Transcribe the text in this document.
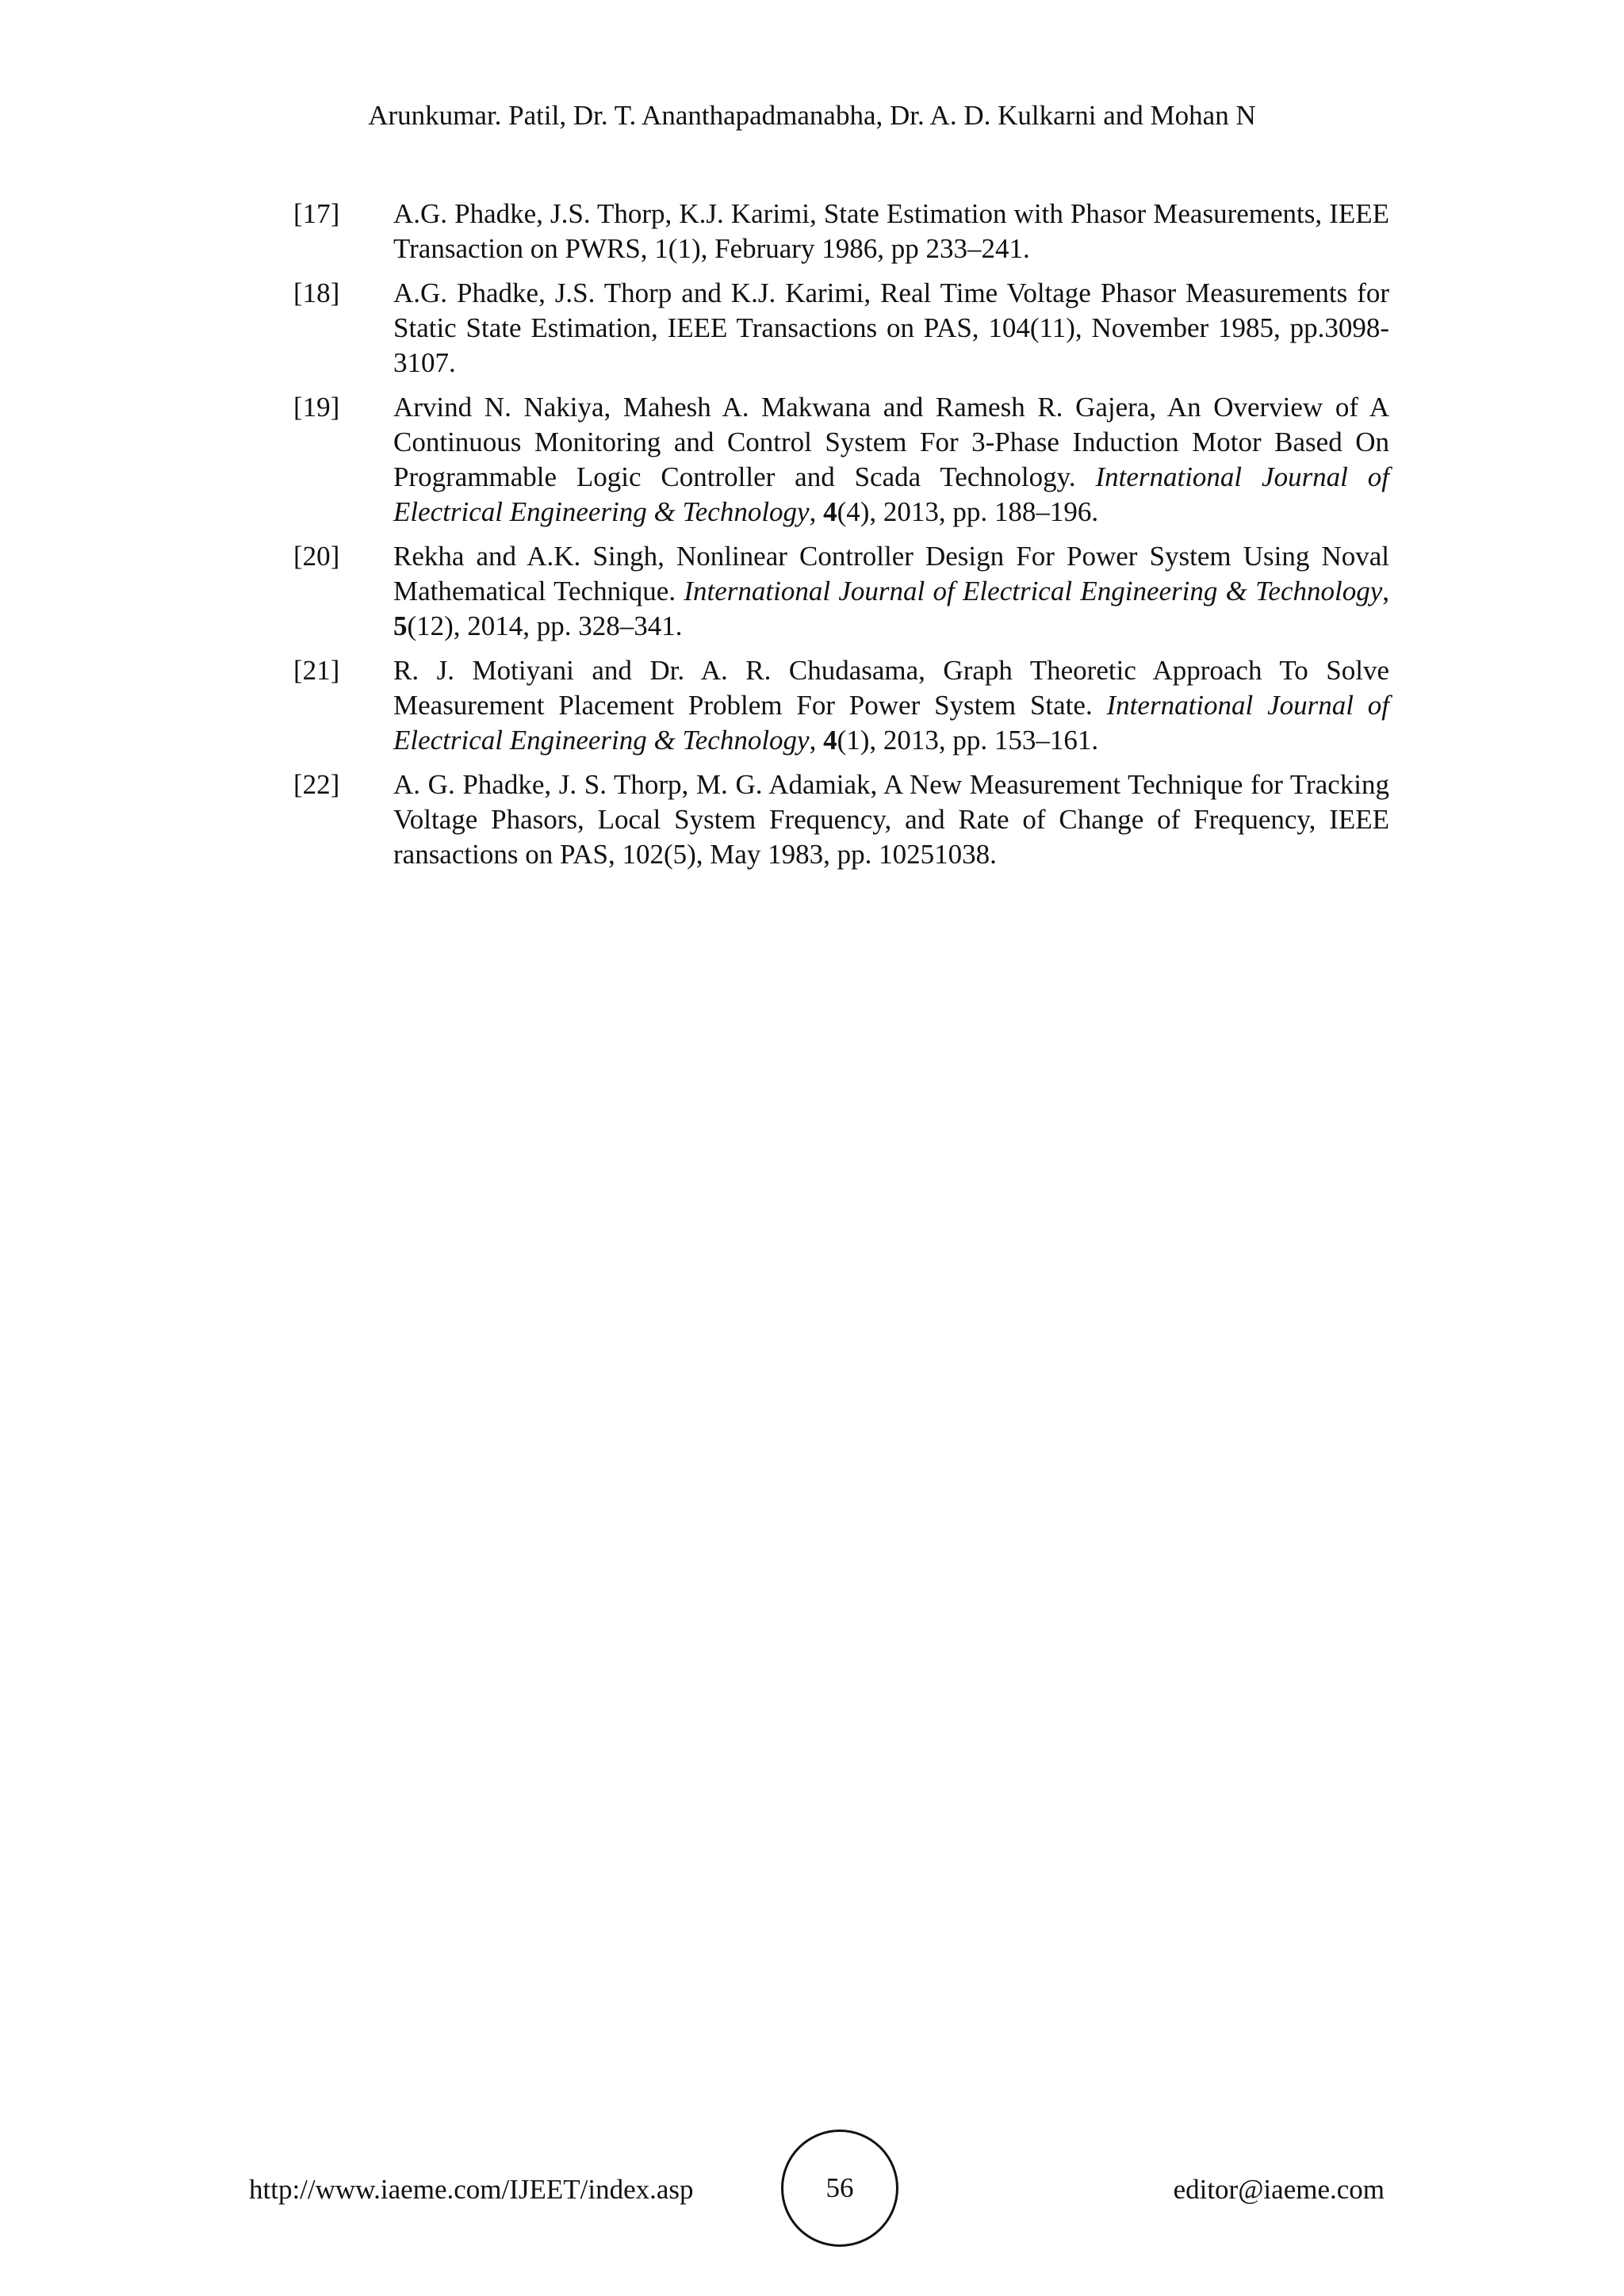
Arunkumar. Patil, Dr. T. Ananthapadmanabha, Dr. A. D. Kulkarni and Mohan N
[17]	A.G. Phadke, J.S. Thorp, K.J. Karimi, State Estimation with Phasor Measurements, IEEE Transaction on PWRS, 1(1), February 1986, pp 233–241.
[18]	A.G. Phadke, J.S. Thorp and K.J. Karimi, Real Time Voltage Phasor Measurements for Static State Estimation, IEEE Transactions on PAS, 104(11), November 1985, pp.3098-3107.
[19]	Arvind N. Nakiya, Mahesh A. Makwana and Ramesh R. Gajera, An Overview of A Continuous Monitoring and Control System For 3-Phase Induction Motor Based On Programmable Logic Controller and Scada Technology. International Journal of Electrical Engineering & Technology, 4(4), 2013, pp. 188–196.
[20]	Rekha and A.K. Singh, Nonlinear Controller Design For Power System Using Noval Mathematical Technique. International Journal of Electrical Engineering & Technology, 5(12), 2014, pp. 328–341.
[21]	R. J. Motiyani and Dr. A. R. Chudasama, Graph Theoretic Approach To Solve Measurement Placement Problem For Power System State. International Journal of Electrical Engineering & Technology, 4(1), 2013, pp. 153–161.
[22]	A. G. Phadke, J. S. Thorp, M. G. Adamiak, A New Measurement Technique for Tracking Voltage Phasors, Local System Frequency, and Rate of Change of Frequency, IEEE ransactions on PAS, 102(5), May 1983, pp. 10251038.
http://www.iaeme.com/IJEET/index.asp	56	editor@iaeme.com
